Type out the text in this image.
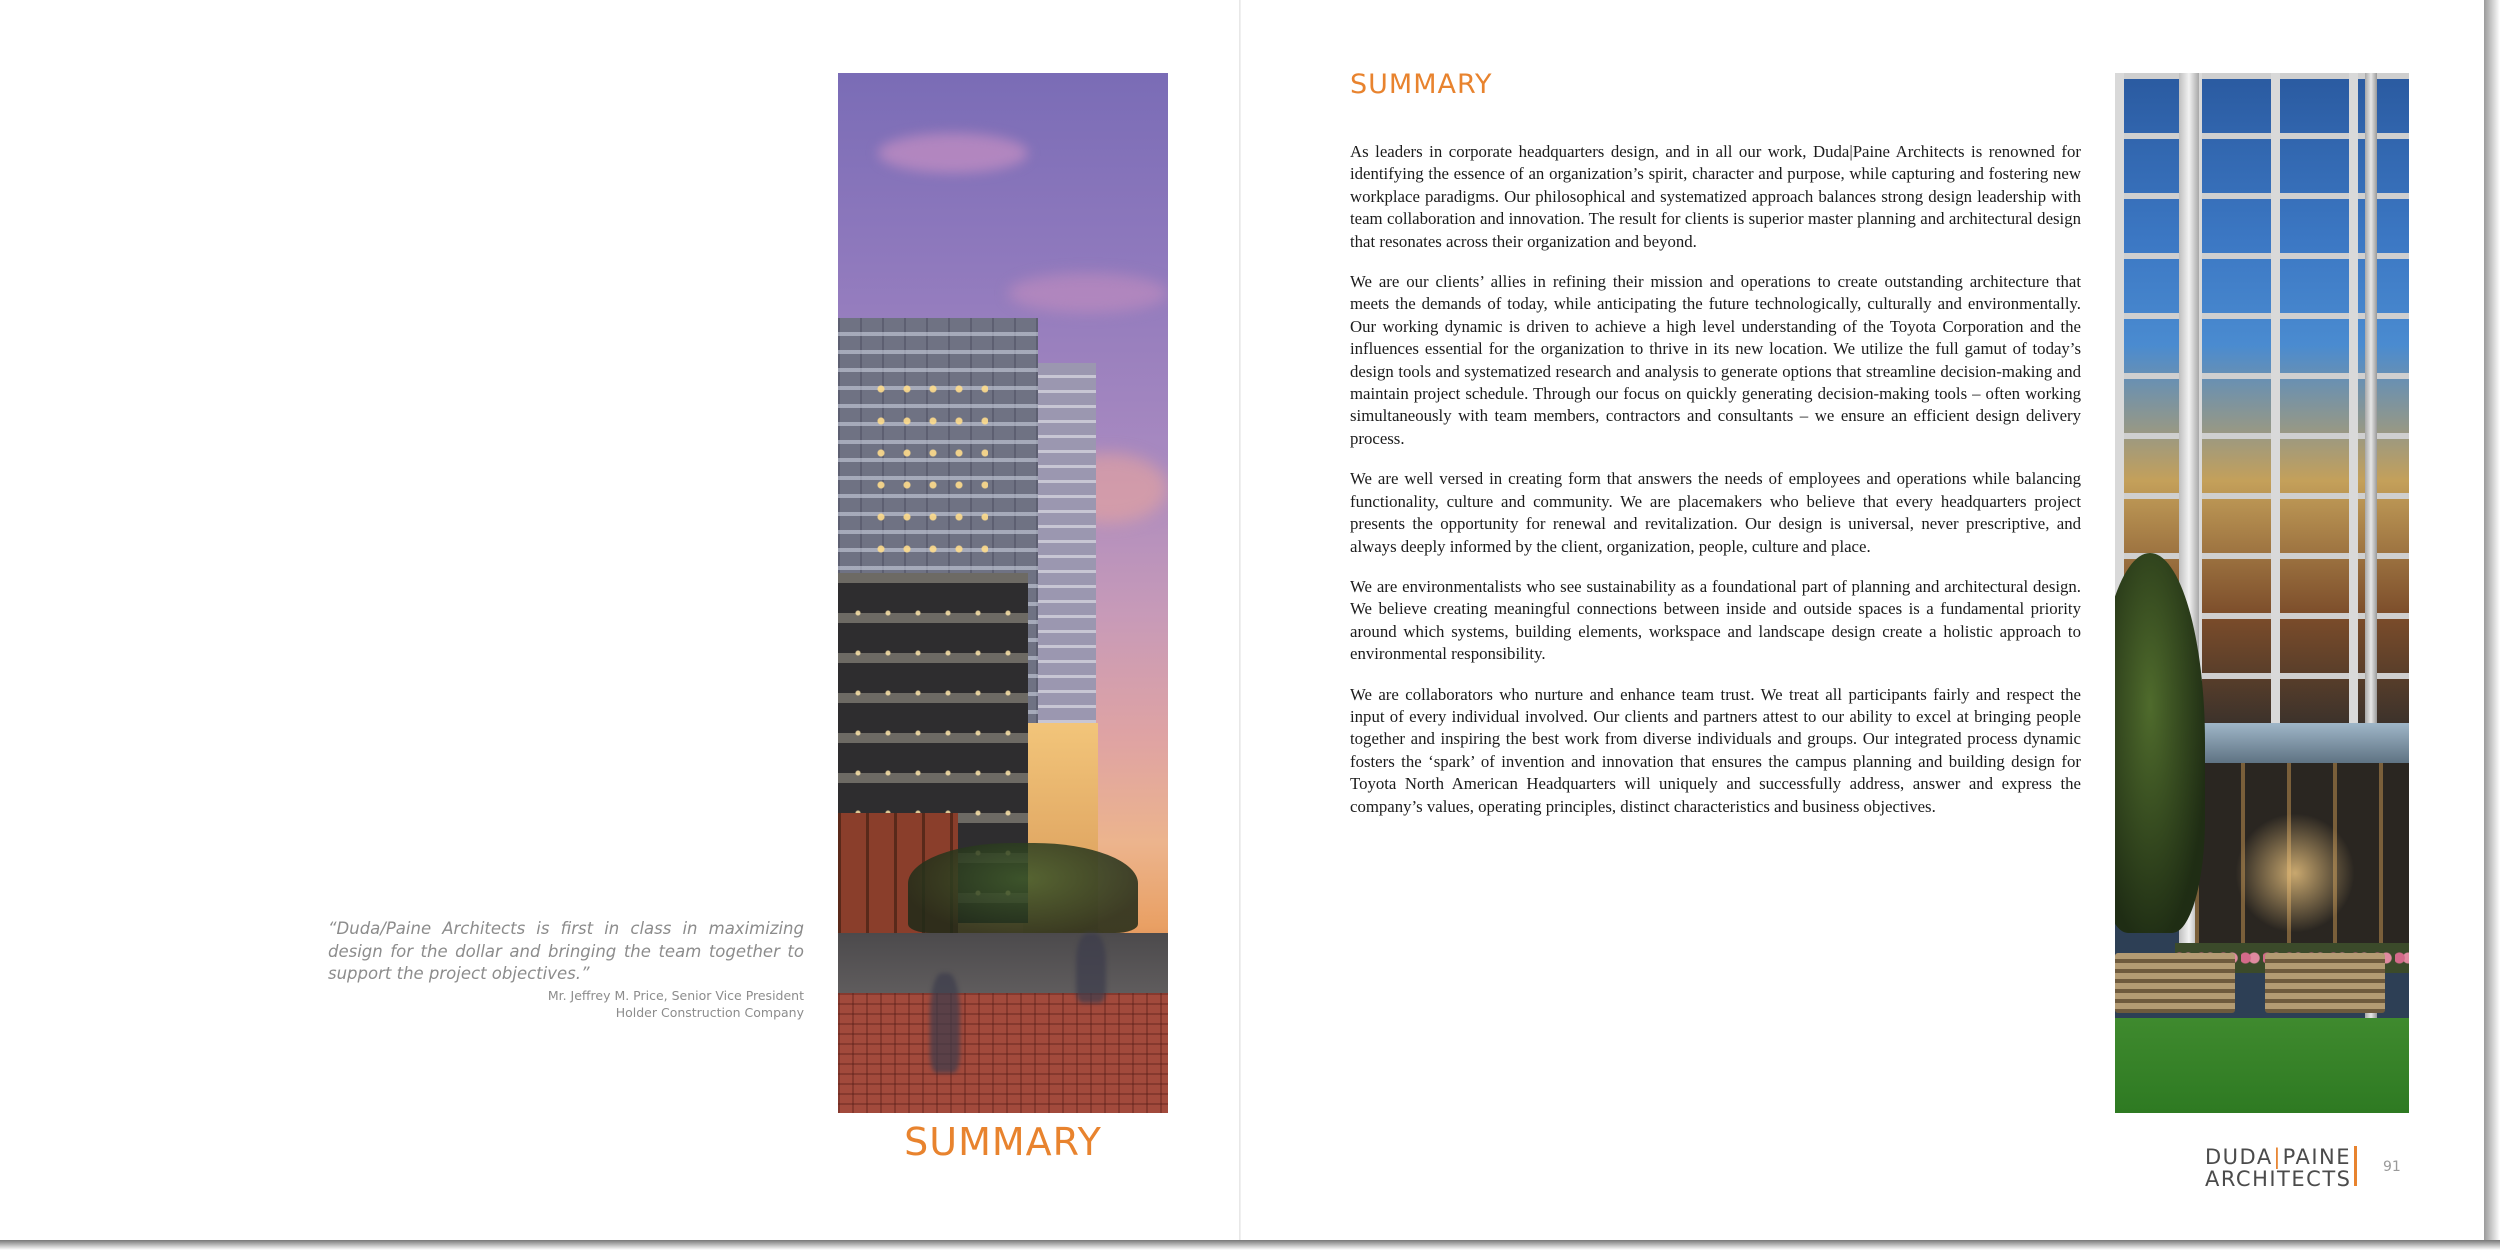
“Duda/Paine Architects is first in class in maximizing design for the dollar and bringing the team together to support the project objectives.”

Mr. Jeffrey M. Price, Senior Vice President
Holder Construction Company
SUMMARY
SUMMARY

As leaders in corporate headquarters design, and in all our work, Duda|Paine Architects is renowned for identifying the essence of an organization’s spirit, character and purpose, while capturing and fostering new workplace paradigms. Our philosophical and systematized approach balances strong design leadership with team collaboration and innovation. The result for clients is superior master planning and architectural design that resonates across their organization and beyond.

We are our clients’ allies in refining their mission and operations to create outstanding architecture that meets the demands of today, while anticipating the future technologically, culturally and environmentally. Our working dynamic is driven to achieve a high level understanding of the Toyota Corporation and the influences essential for the organization to thrive in its new location. We utilize the full gamut of today’s design tools and systematized research and analysis to generate options that streamline decision-making and maintain project schedule. Through our focus on quickly generating decision-making tools – often working simultaneously with team members, contractors and consultants – we ensure an efficient design delivery process.

We are well versed in creating form that answers the needs of employees and operations while balancing functionality, culture and community. We are placemakers who believe that every headquarters project presents the opportunity for renewal and revitalization. Our design is universal, never prescriptive, and always deeply informed by the client, organization, people, culture and place.

We are environmentalists who see sustainability as a foundational part of planning and architectural design. We believe creating meaningful connections between inside and outside spaces is a fundamental priority around which systems, building elements, workspace and landscape design create a holistic approach to environmental responsibility.

We are collaborators who nurture and enhance team trust. We treat all participants fairly and respect the input of every individual involved. Our clients and partners attest to our ability to excel at bringing people together and inspiring the best work from diverse individuals and groups. Our integrated process dynamic fosters the ‘spark’ of invention and innovation that ensures the campus planning and building design for Toyota North American Headquarters will uniquely and successfully address, answer and express the company’s values, operating principles, distinct characteristics and business objectives.

DUDA | PAINE
ARCHITECTS 91
